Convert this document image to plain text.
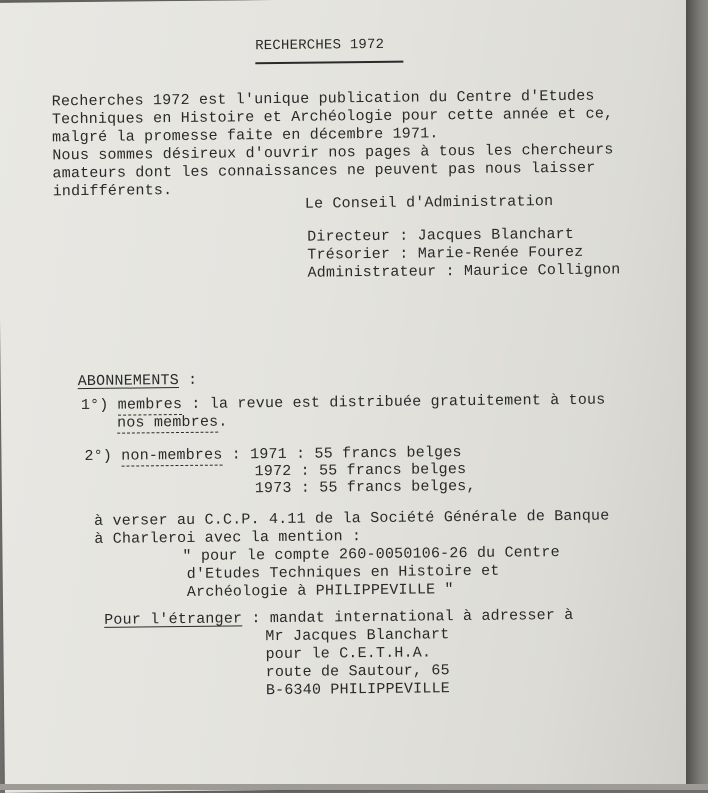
RECHERCHES 1972
Recherches 1972 est l'unique publication du Centre d'Etudes
Techniques en Histoire et Archéologie pour cette année et ce,
malgré la promesse faite en décembre 1971.
Nous sommes désireux d'ouvrir nos pages à tous les chercheurs
amateurs dont les connaissances ne peuvent pas nous laisser
indifférents.
Le Conseil d'Administration
Directeur : Jacques Blanchart
Trésorier : Marie-Renée Fourez
Administrateur : Maurice Collignon
ABONNEMENTS :
1°) membres : la revue est distribuée gratuitement à tous
nos membres.
2°) non-membres : 1971 : 55 francs belges
1972 : 55 francs belges
1973 : 55 francs belges,
à verser au C.C.P. 4.11 de la Société Générale de Banque
à Charleroi avec la mention :
" pour le compte 260-0050106-26 du Centre
d'Etudes Techniques en Histoire et
Archéologie à PHILIPPEVILLE "
Pour l'étranger : mandat international à adresser à
Mr Jacques Blanchart
pour le C.E.T.H.A.
route de Sautour, 65
B-6340 PHILIPPEVILLE
